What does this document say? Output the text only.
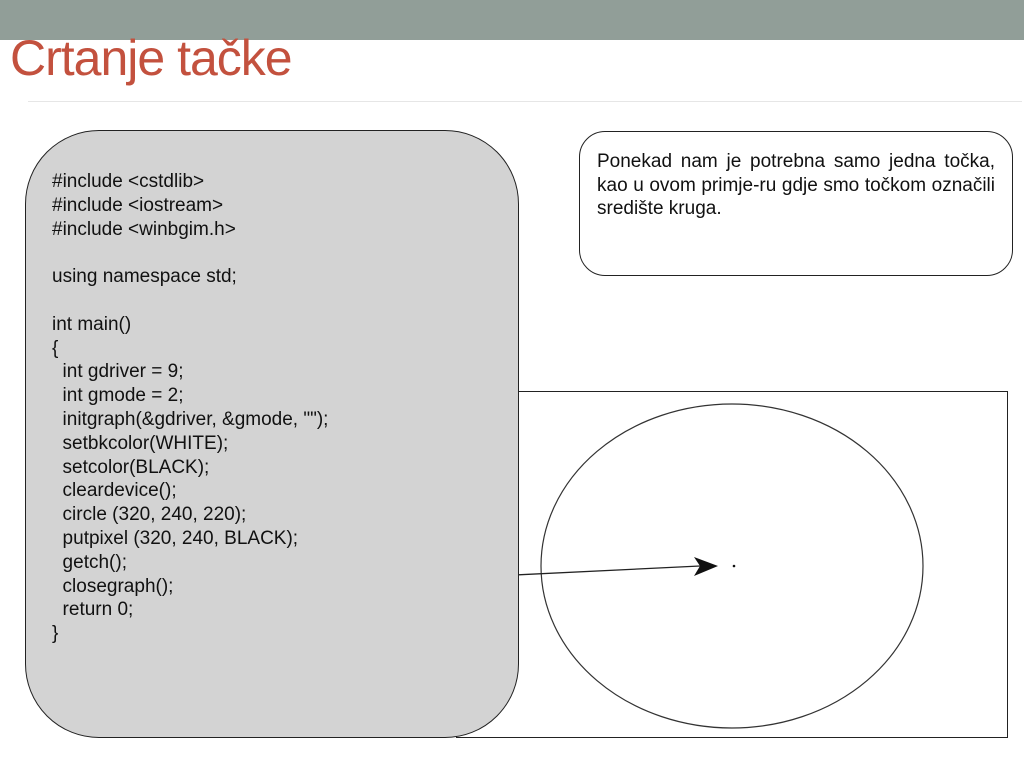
Crtanje tačke
#include <cstdlib>
#include <iostream>
#include <winbgim.h>

using namespace std;

int main()
{
int gdriver = 9;
int gmode = 2;
initgraph(&gdriver, &gmode, "");
setbkcolor(WHITE);
setcolor(BLACK);
cleardevice();
circle (320, 240, 220);
putpixel (320, 240, BLACK);
getch();
closegraph();
return 0;
}

Ponekad nam je potrebna samo jedna točka, kao u ovom primje-ru gdje smo točkom označili središte kruga.
